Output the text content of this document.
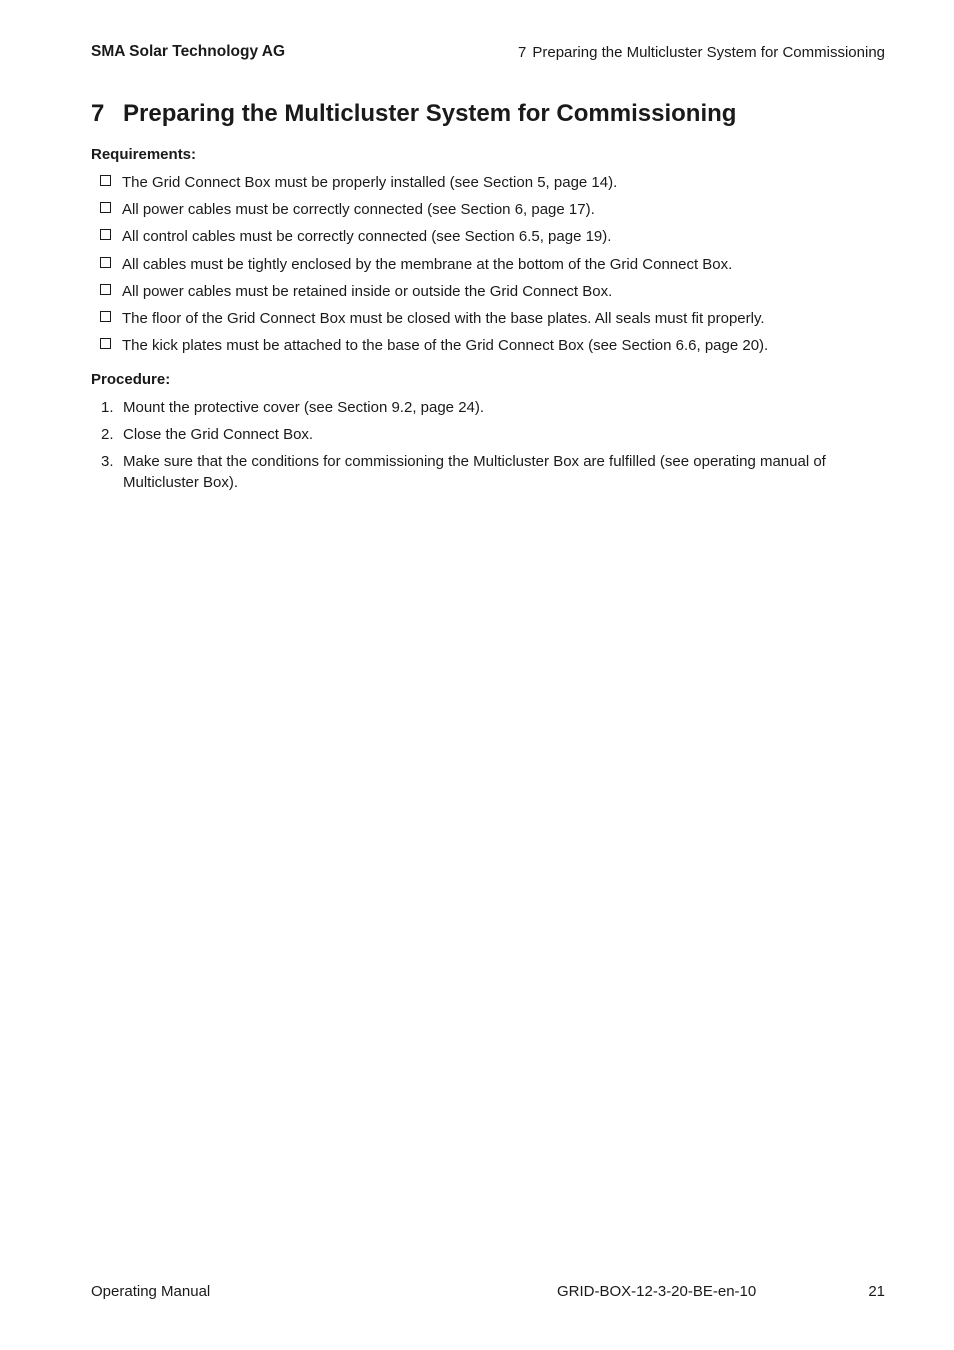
SMA Solar Technology AG	7 Preparing the Multicluster System for Commissioning
7 Preparing the Multicluster System for Commissioning

Requirements:

The Grid Connect Box must be properly installed (see Section 5, page 14).
All power cables must be correctly connected (see Section 6, page 17).
All control cables must be correctly connected (see Section 6.5, page 19).
All cables must be tightly enclosed by the membrane at the bottom of the Grid Connect Box.
All power cables must be retained inside or outside the Grid Connect Box.
The floor of the Grid Connect Box must be closed with the base plates. All seals must fit properly.
The kick plates must be attached to the base of the Grid Connect Box (see Section 6.6, page 20).

Procedure:

1. Mount the protective cover (see Section 9.2, page 24).
2. Close the Grid Connect Box.
3. Make sure that the conditions for commissioning the Multicluster Box are fulfilled (see operating manual of Multicluster Box).
Operating Manual	GRID-BOX-12-3-20-BE-en-10	21
